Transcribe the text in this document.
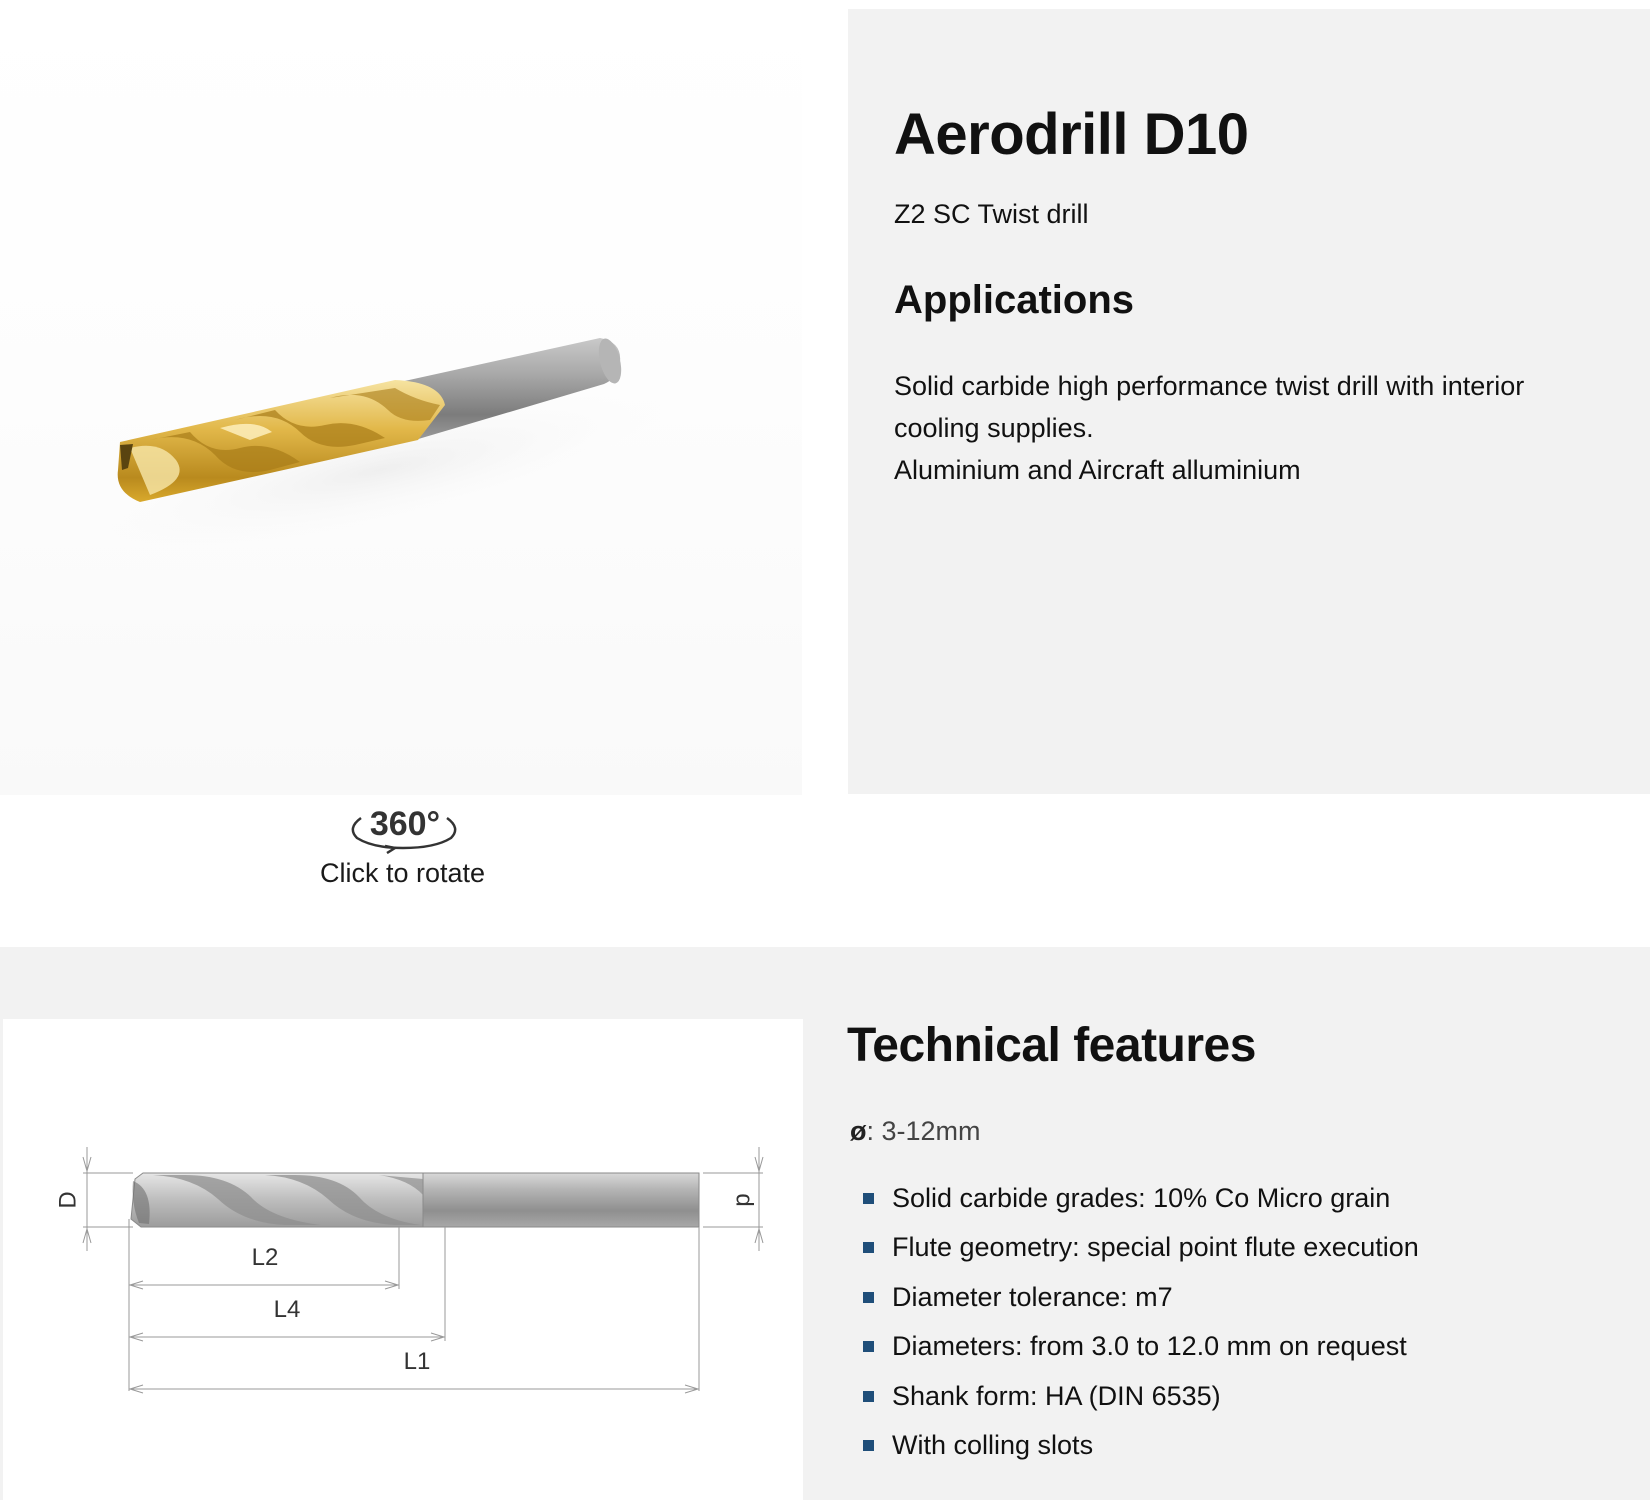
360°
Click to rotate
Aerodrill D10

Z2 SC Twist drill

Applications

Solid carbide high performance twist drill with interior cooling supplies.
Aluminium and Aircraft alluminium

D	d
L2
L4
L1
Technical features
ø: 3-12mm
Solid carbide grades: 10% Co Micro grain
Flute geometry: special point flute execution
Diameter tolerance: m7
Diameters: from 3.0 to 12.0 mm on request
Shank form: HA (DIN 6535)
With colling slots
